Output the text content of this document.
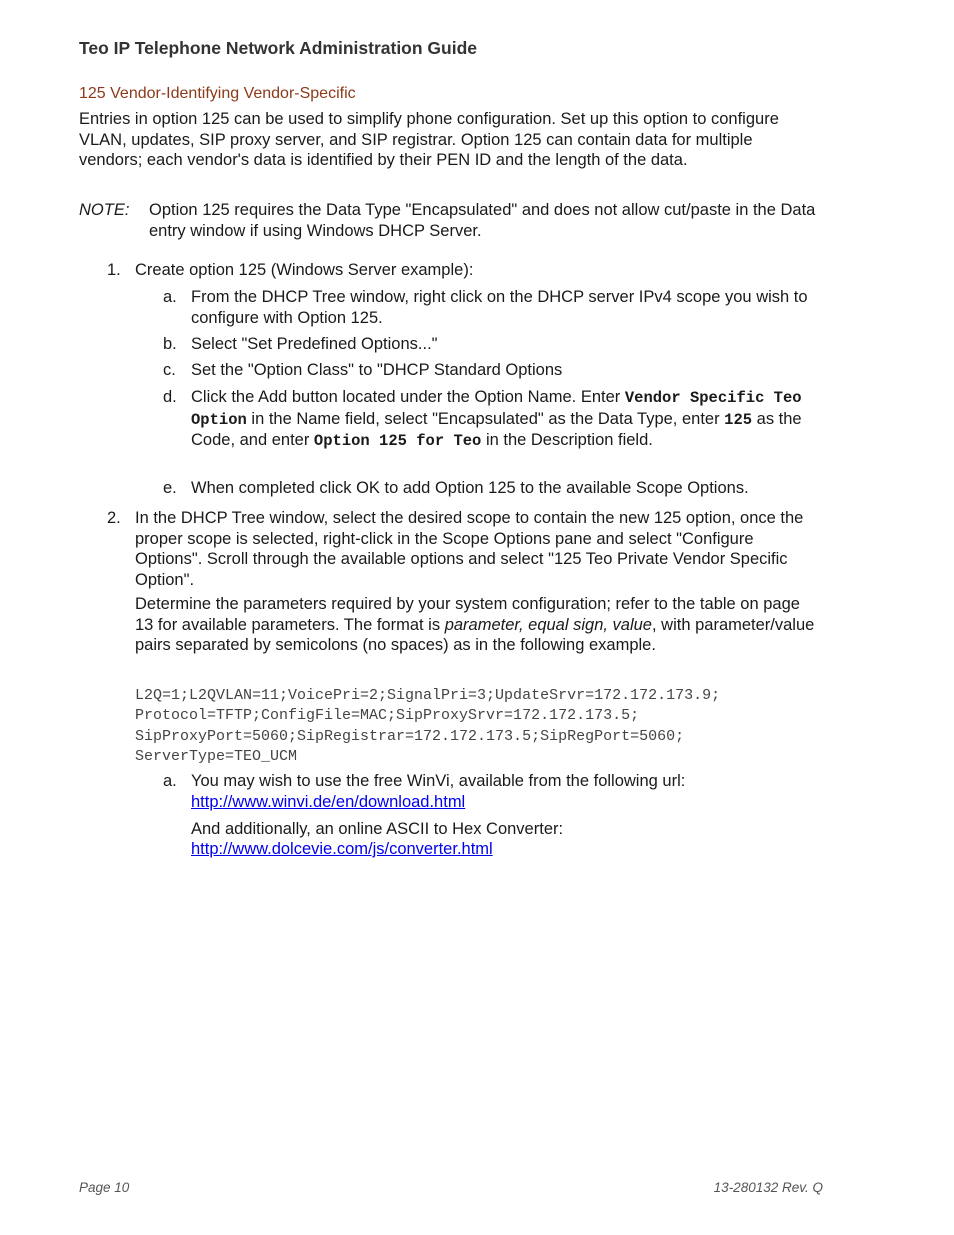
Teo IP Telephone Network Administration Guide
125 Vendor-Identifying Vendor-Specific
Entries in option 125 can be used to simplify phone configuration. Set up this option to configure VLAN, updates, SIP proxy server, and SIP registrar. Option 125 can contain data for multiple vendors; each vendor's data is identified by their PEN ID and the length of the data.
NOTE: Option 125 requires the Data Type "Encapsulated" and does not allow cut/paste in the Data entry window if using Windows DHCP Server.
1. Create option 125 (Windows Server example):
a. From the DHCP Tree window, right click on the DHCP server IPv4 scope you wish to configure with Option 125.
b. Select "Set Predefined Options..."
c. Set the "Option Class" to "DHCP Standard Options
d. Click the Add button located under the Option Name. Enter Vendor Specific Teo Option in the Name field, select "Encapsulated" as the Data Type, enter 125 as the Code, and enter Option 125 for Teo in the Description field.
e. When completed click OK to add Option 125 to the available Scope Options.
2. In the DHCP Tree window, select the desired scope to contain the new 125 option, once the proper scope is selected, right-click in the Scope Options pane and select "Configure Options". Scroll through the available options and select "125 Teo Private Vendor Specific Option".
Determine the parameters required by your system configuration; refer to the table on page 13 for available parameters. The format is parameter, equal sign, value, with parameter/value pairs separated by semicolons (no spaces) as in the following example.
L2Q=1;L2QVLAN=11;VoicePri=2;SignalPri=3;UpdateSrvr=172.172.173.9;
Protocol=TFTP;ConfigFile=MAC;SipProxySrvr=172.172.173.5;
SipProxyPort=5060;SipRegistrar=172.172.173.5;SipRegPort=5060;
ServerType=TEO_UCM
a. You may wish to use the free WinVi, available from the following url:
http://www.winvi.de/en/download.html
And additionally, an online ASCII to Hex Converter:
http://www.dolcevie.com/js/converter.html
Page 10	13-280132 Rev. Q
